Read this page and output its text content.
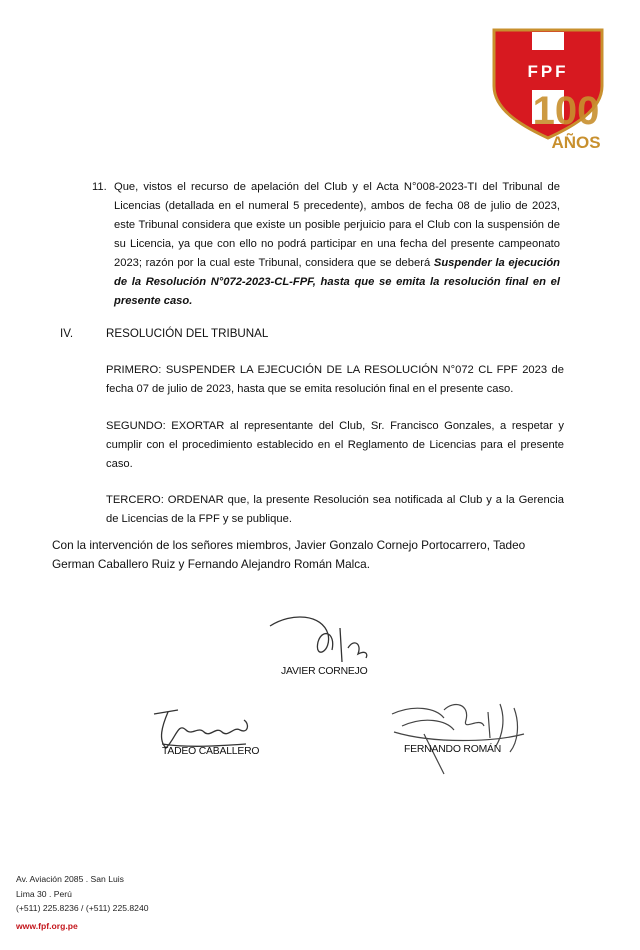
FPF
100
AÑOS
11. Que, vistos el recurso de apelación del Club y el Acta N°008-2023-TI del Tribunal de Licencias (detallada en el numeral 5 precedente), ambos de fecha 08 de julio de 2023, este Tribunal considera que existe un posible perjuicio para el Club con la suspensión de su Licencia, ya que con ello no podrá participar en una fecha del presente campeonato 2023; razón por la cual este Tribunal, considera que se deberá Suspender la ejecución de la Resolución N°072-2023-CL-FPF, hasta que se emita la resolución final en el presente caso.
IV.	RESOLUCIÓN DEL TRIBUNAL
PRIMERO: SUSPENDER LA EJECUCIÓN DE LA RESOLUCIÓN N°072 CL FPF 2023 de fecha 07 de julio de 2023, hasta que se emita resolución final en el presente caso.
SEGUNDO: EXORTAR al representante del Club, Sr. Francisco Gonzales, a respetar y cumplir con el procedimiento establecido en el Reglamento de Licencias para el presente caso.
TERCERO: ORDENAR que, la presente Resolución sea notificada al Club y a la Gerencia de Licencias de la FPF y se publique.
Con la intervención de los señores miembros, Javier Gonzalo Cornejo Portocarrero, Tadeo German Caballero Ruiz y Fernando Alejandro Román Malca.
JAVIER CORNEJO
TADEO CABALLERO	FERNANDO ROMÁN
Av. Aviación 2085 . San Luis
Lima 30 . Perú
(+511) 225.8236 / (+511) 225.8240
www.fpf.org.pe
